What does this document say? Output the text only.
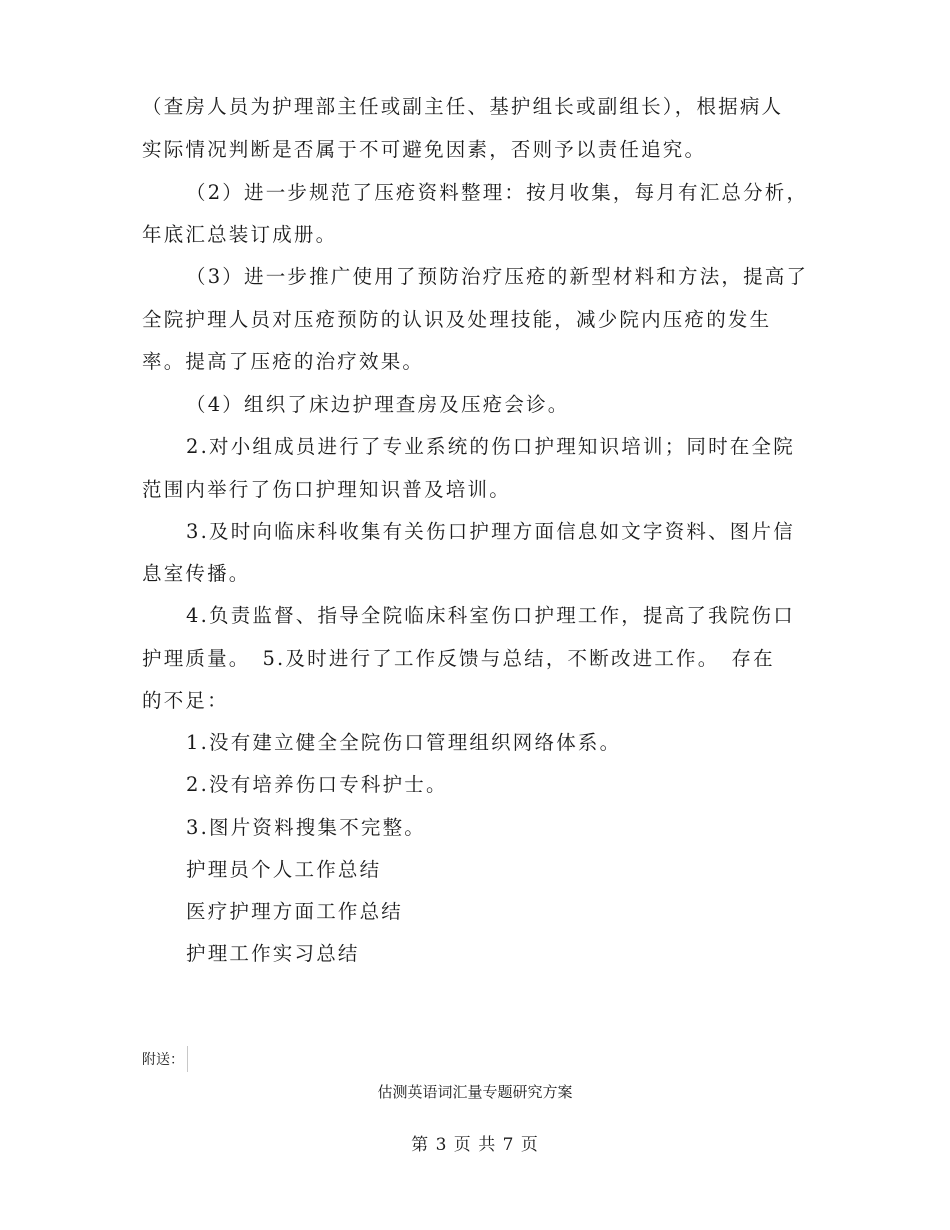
（查房人员为护理部主任或副主任、基护组长或副组长），根据病人
实际情况判断是否属于不可避免因素，否则予以责任追究。
（2）进一步规范了压疮资料整理：按月收集，每月有汇总分析，
年底汇总装订成册。
（3）进一步推广使用了预防治疗压疮的新型材料和方法，提高了
全院护理人员对压疮预防的认识及处理技能，减少院内压疮的发生
率。提高了压疮的治疗效果。
（4）组织了床边护理查房及压疮会诊。
2.对小组成员进行了专业系统的伤口护理知识培训；同时在全院
范围内举行了伤口护理知识普及培训。
3.及时向临床科收集有关伤口护理方面信息如文字资料、图片信
息室传播。
4.负责监督、指导全院临床科室伤口护理工作，提高了我院伤口
护理质量。　5.及时进行了工作反馈与总结，不断改进工作。　存在
的不足：
1.没有建立健全全院伤口管理组织网络体系。
2.没有培养伤口专科护士。
3.图片资料搜集不完整。
护理员个人工作总结
医疗护理方面工作总结
护理工作实习总结
附送：
估测英语词汇量专题研究方案
第 3 页 共 7 页
